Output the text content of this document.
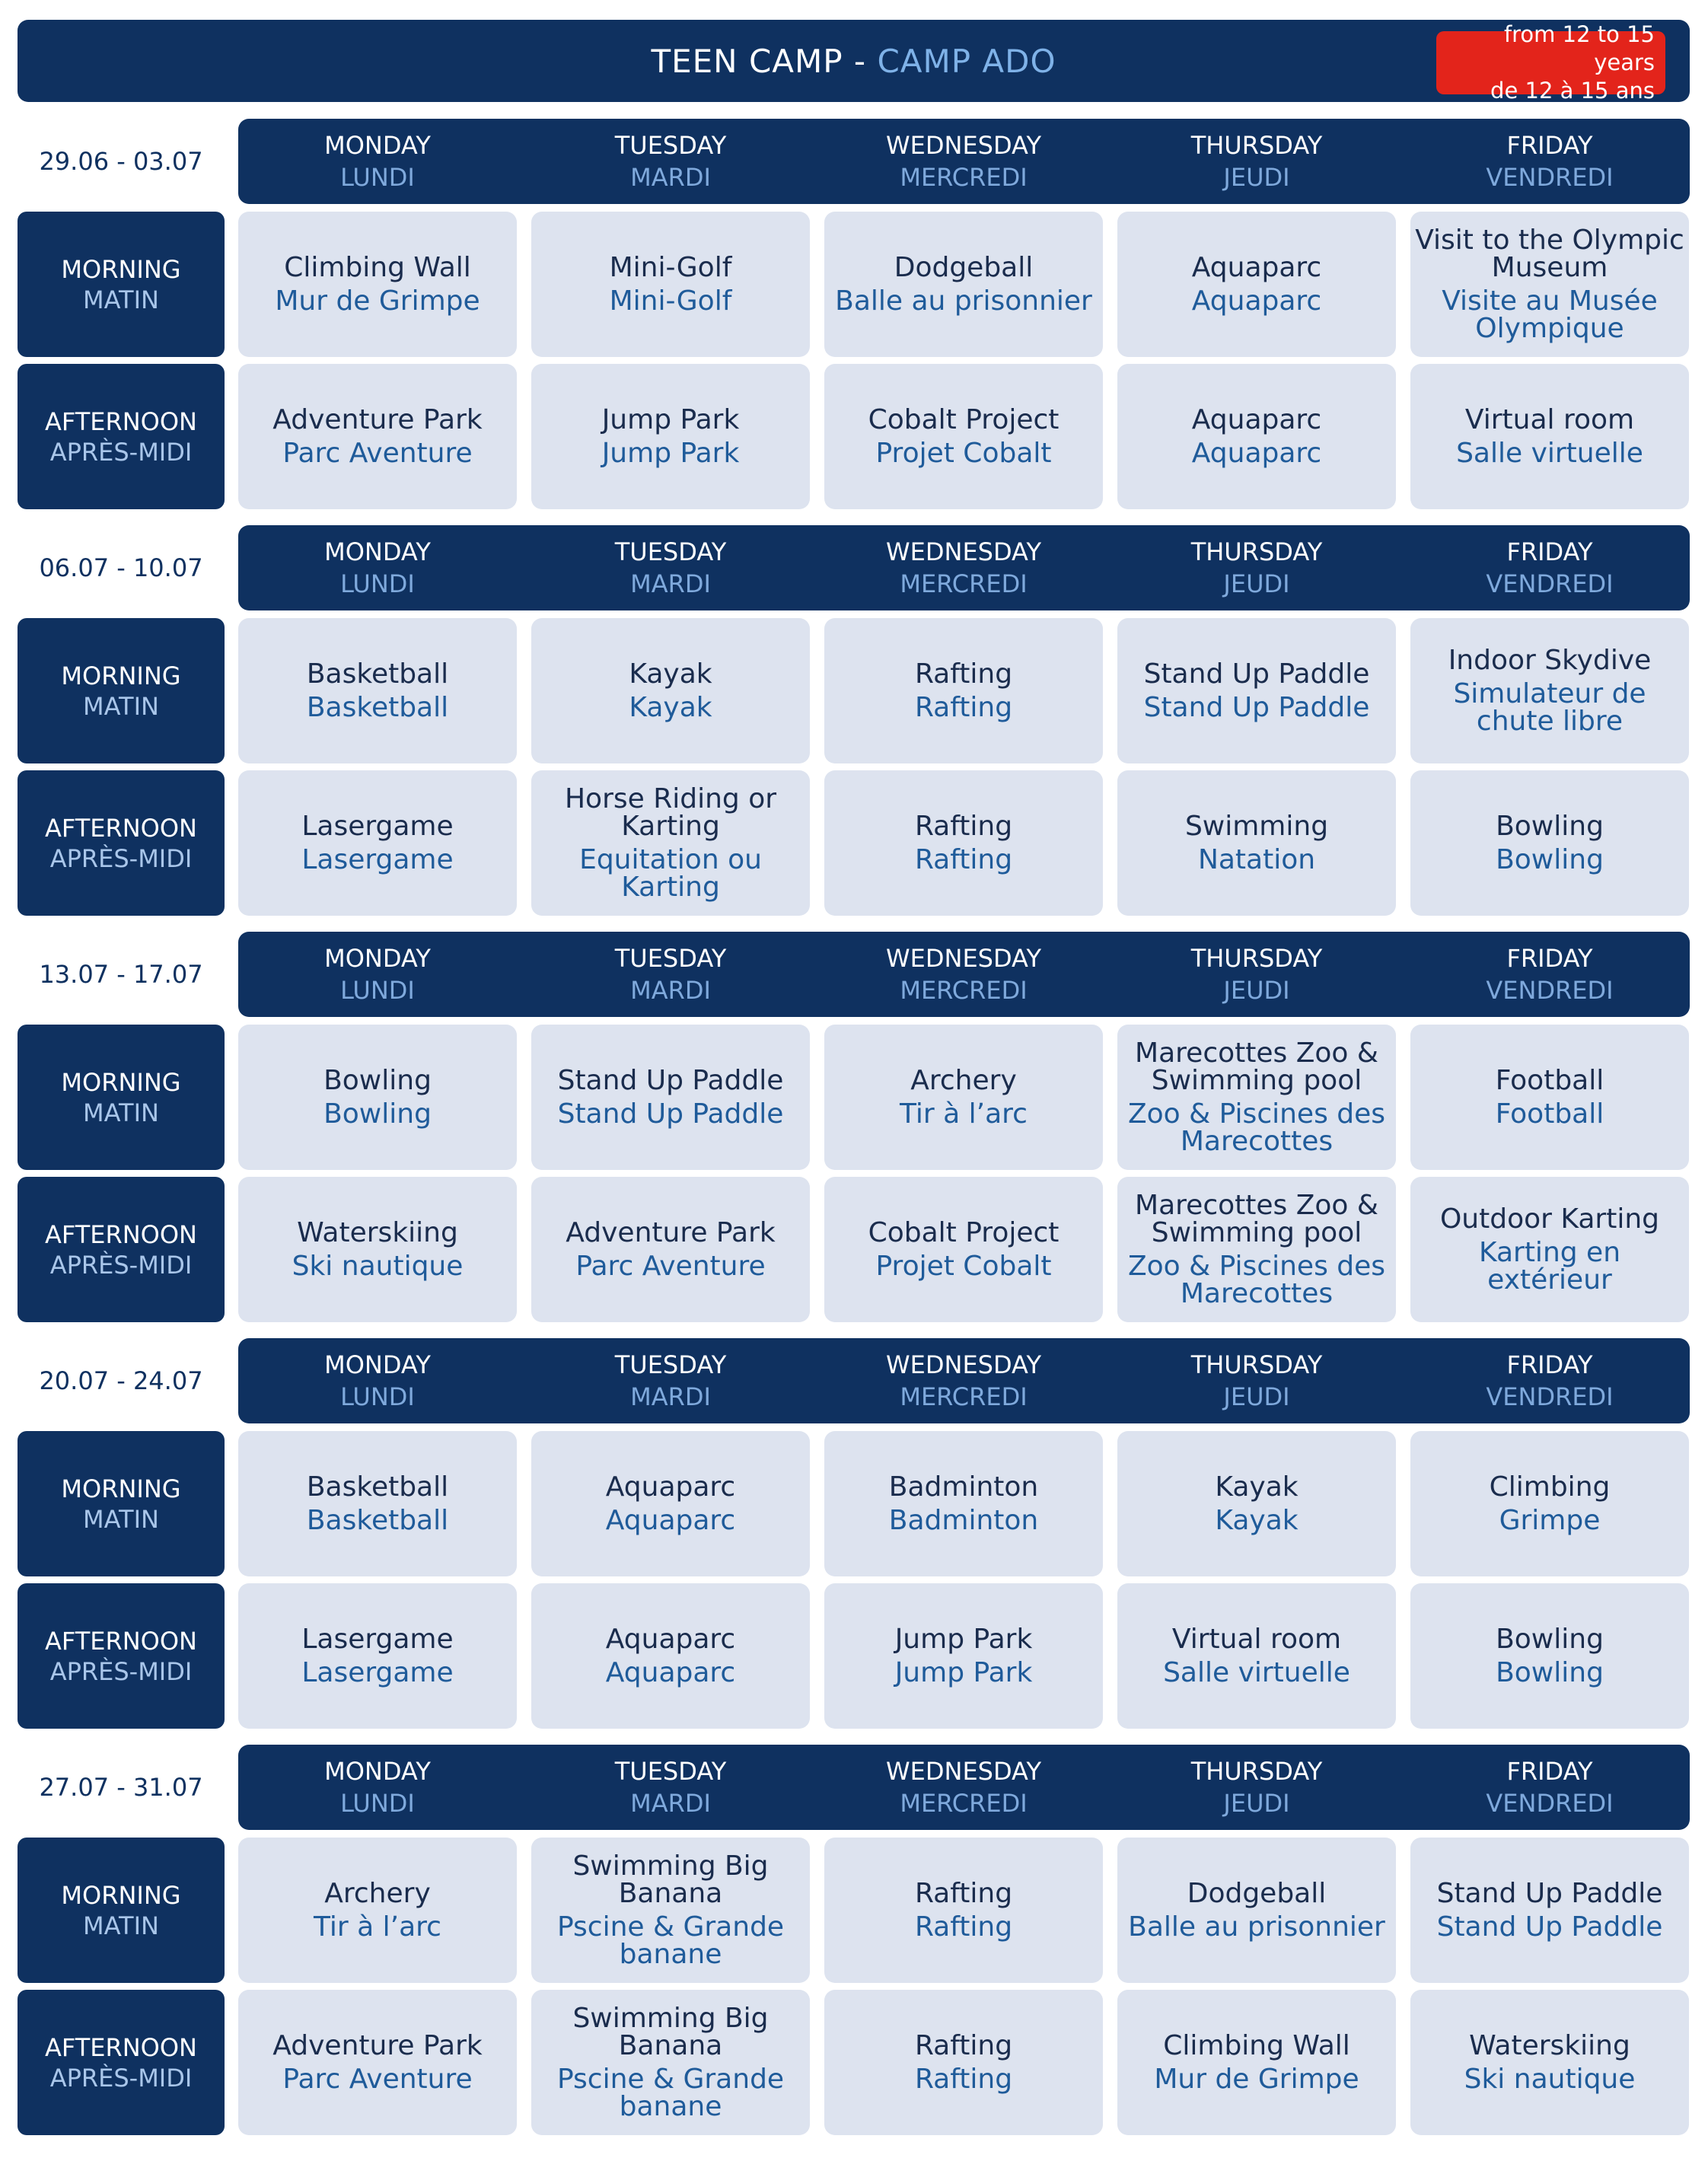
TEEN CAMP - CAMP ADO
from 12 to 15 years
de 12 à 15 ans
29.06 - 03.07
MONDAY
LUNDI
TUESDAY
MARDI
WEDNESDAY
MERCREDI
THURSDAY
JEUDI
FRIDAY
VENDREDI
MORNING
MATIN
Climbing Wall
Mur de Grimpe
Mini-Golf
Mini-Golf
Dodgeball
Balle au prisonnier
Aquaparc
Aquaparc
Visit to the Olympic Museum
Visite au Musée Olympique
AFTERNOON
APRÈS-MIDI
Adventure Park
Parc Aventure
Jump Park
Jump Park
Cobalt Project
Projet Cobalt
Aquaparc
Aquaparc
Virtual room
Salle virtuelle
06.07 - 10.07
MONDAY
LUNDI
TUESDAY
MARDI
WEDNESDAY
MERCREDI
THURSDAY
JEUDI
FRIDAY
VENDREDI
MORNING
MATIN
Basketball
Basketball
Kayak
Kayak
Rafting
Rafting
Stand Up Paddle
Stand Up Paddle
Indoor Skydive
Simulateur de chute libre
AFTERNOON
APRÈS-MIDI
Lasergame
Lasergame
Horse Riding or Karting
Equitation ou Karting
Rafting
Rafting
Swimming
Natation
Bowling
Bowling
13.07 - 17.07
MONDAY
LUNDI
TUESDAY
MARDI
WEDNESDAY
MERCREDI
THURSDAY
JEUDI
FRIDAY
VENDREDI
MORNING
MATIN
Bowling
Bowling
Stand Up Paddle
Stand Up Paddle
Archery
Tir à l’arc
Marecottes Zoo & Swimming pool
Zoo & Piscines des Marecottes
Football
Football
AFTERNOON
APRÈS-MIDI
Waterskiing
Ski nautique
Adventure Park
Parc Aventure
Cobalt Project
Projet Cobalt
Marecottes Zoo & Swimming pool
Zoo & Piscines des Marecottes
Outdoor Karting
Karting en extérieur
20.07 - 24.07
MONDAY
LUNDI
TUESDAY
MARDI
WEDNESDAY
MERCREDI
THURSDAY
JEUDI
FRIDAY
VENDREDI
MORNING
MATIN
Basketball
Basketball
Aquaparc
Aquaparc
Badminton
Badminton
Kayak
Kayak
Climbing
Grimpe
AFTERNOON
APRÈS-MIDI
Lasergame
Lasergame
Aquaparc
Aquaparc
Jump Park
Jump Park
Virtual room
Salle virtuelle
Bowling
Bowling
27.07 - 31.07
MONDAY
LUNDI
TUESDAY
MARDI
WEDNESDAY
MERCREDI
THURSDAY
JEUDI
FRIDAY
VENDREDI
MORNING
MATIN
Archery
Tir à l’arc
Swimming Big Banana
Pscine & Grande banane
Rafting
Rafting
Dodgeball
Balle au prisonnier
Stand Up Paddle
Stand Up Paddle
AFTERNOON
APRÈS-MIDI
Adventure Park
Parc Aventure
Swimming Big Banana
Pscine & Grande banane
Rafting
Rafting
Climbing Wall
Mur de Grimpe
Waterskiing
Ski nautique
